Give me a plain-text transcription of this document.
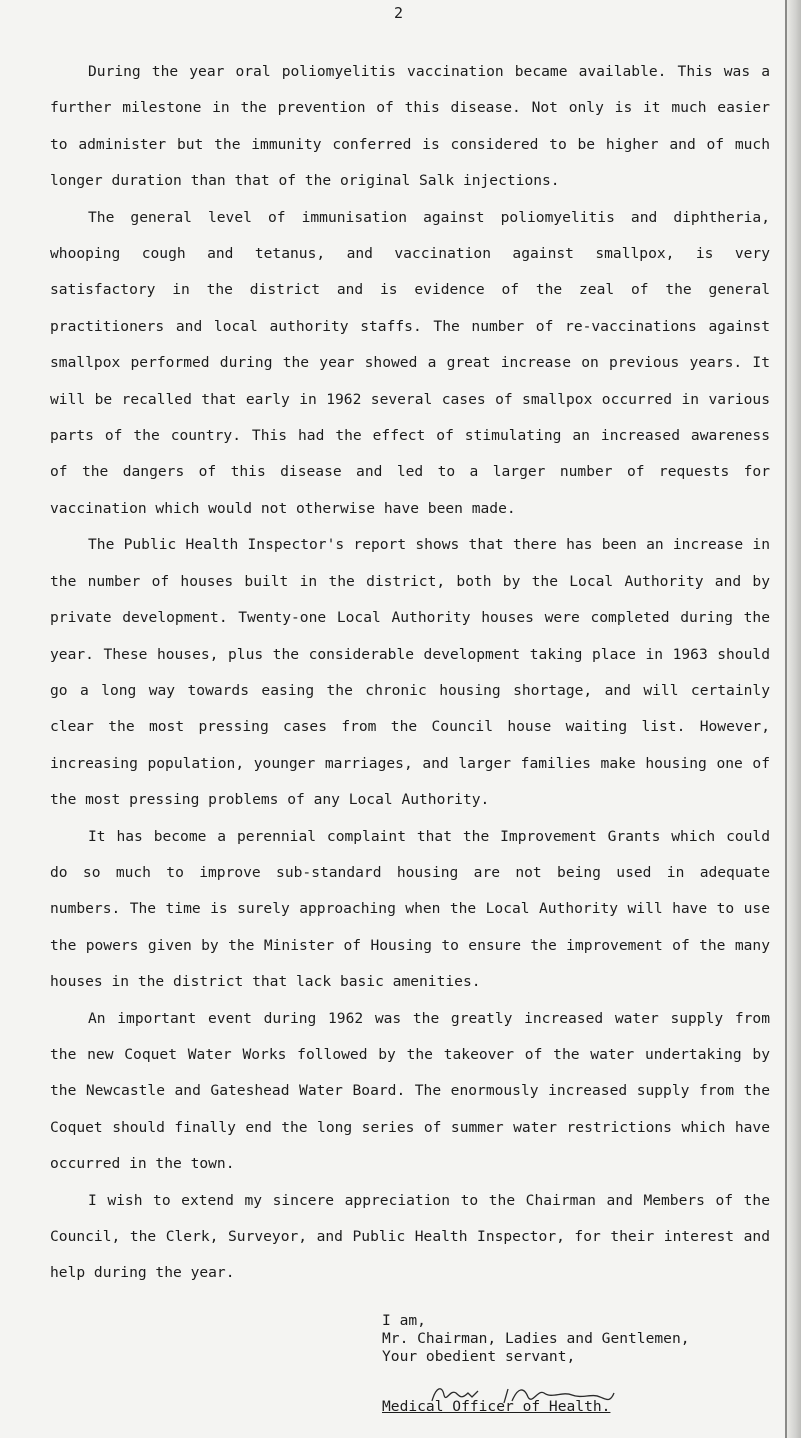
2

During the year oral poliomyelitis vaccination became available. This was a further milestone in the prevention of this disease. Not only is it much easier to administer but the immunity conferred is considered to be higher and of much longer duration than that of the original Salk injections.

The general level of immunisation against poliomyelitis and diphtheria, whooping cough and tetanus, and vaccination against smallpox, is very satisfactory in the district and is evidence of the zeal of the general practitioners and local authority staffs. The number of re-vaccinations against smallpox performed during the year showed a great increase on previous years. It will be recalled that early in 1962 several cases of smallpox occurred in various parts of the country. This had the effect of stimulating an increased awareness of the dangers of this disease and led to a larger number of requests for vaccination which would not otherwise have been made.

The Public Health Inspector's report shows that there has been an increase in the number of houses built in the district, both by the Local Authority and by private development. Twenty-one Local Authority houses were completed during the year. These houses, plus the considerable development taking place in 1963 should go a long way towards easing the chronic housing shortage, and will certainly clear the most pressing cases from the Council house waiting list. However, increasing population, younger marriages, and larger families make housing one of the most pressing problems of any Local Authority.

It has become a perennial complaint that the Improvement Grants which could do so much to improve sub-standard housing are not being used in adequate numbers. The time is surely approaching when the Local Authority will have to use the powers given by the Minister of Housing to ensure the improvement of the many houses in the district that lack basic amenities.

An important event during 1962 was the greatly increased water supply from the new Coquet Water Works followed by the takeover of the water undertaking by the Newcastle and Gateshead Water Board. The enormously increased supply from the Coquet should finally end the long series of summer water restrictions which have occurred in the town.

I wish to extend my sincere appreciation to the Chairman and Members of the Council, the Clerk, Surveyor, and Public Health Inspector, for their interest and help during the year.

I am,
Mr. Chairman, Ladies and Gentlemen,
Your obedient servant,
Medical Officer of Health.
